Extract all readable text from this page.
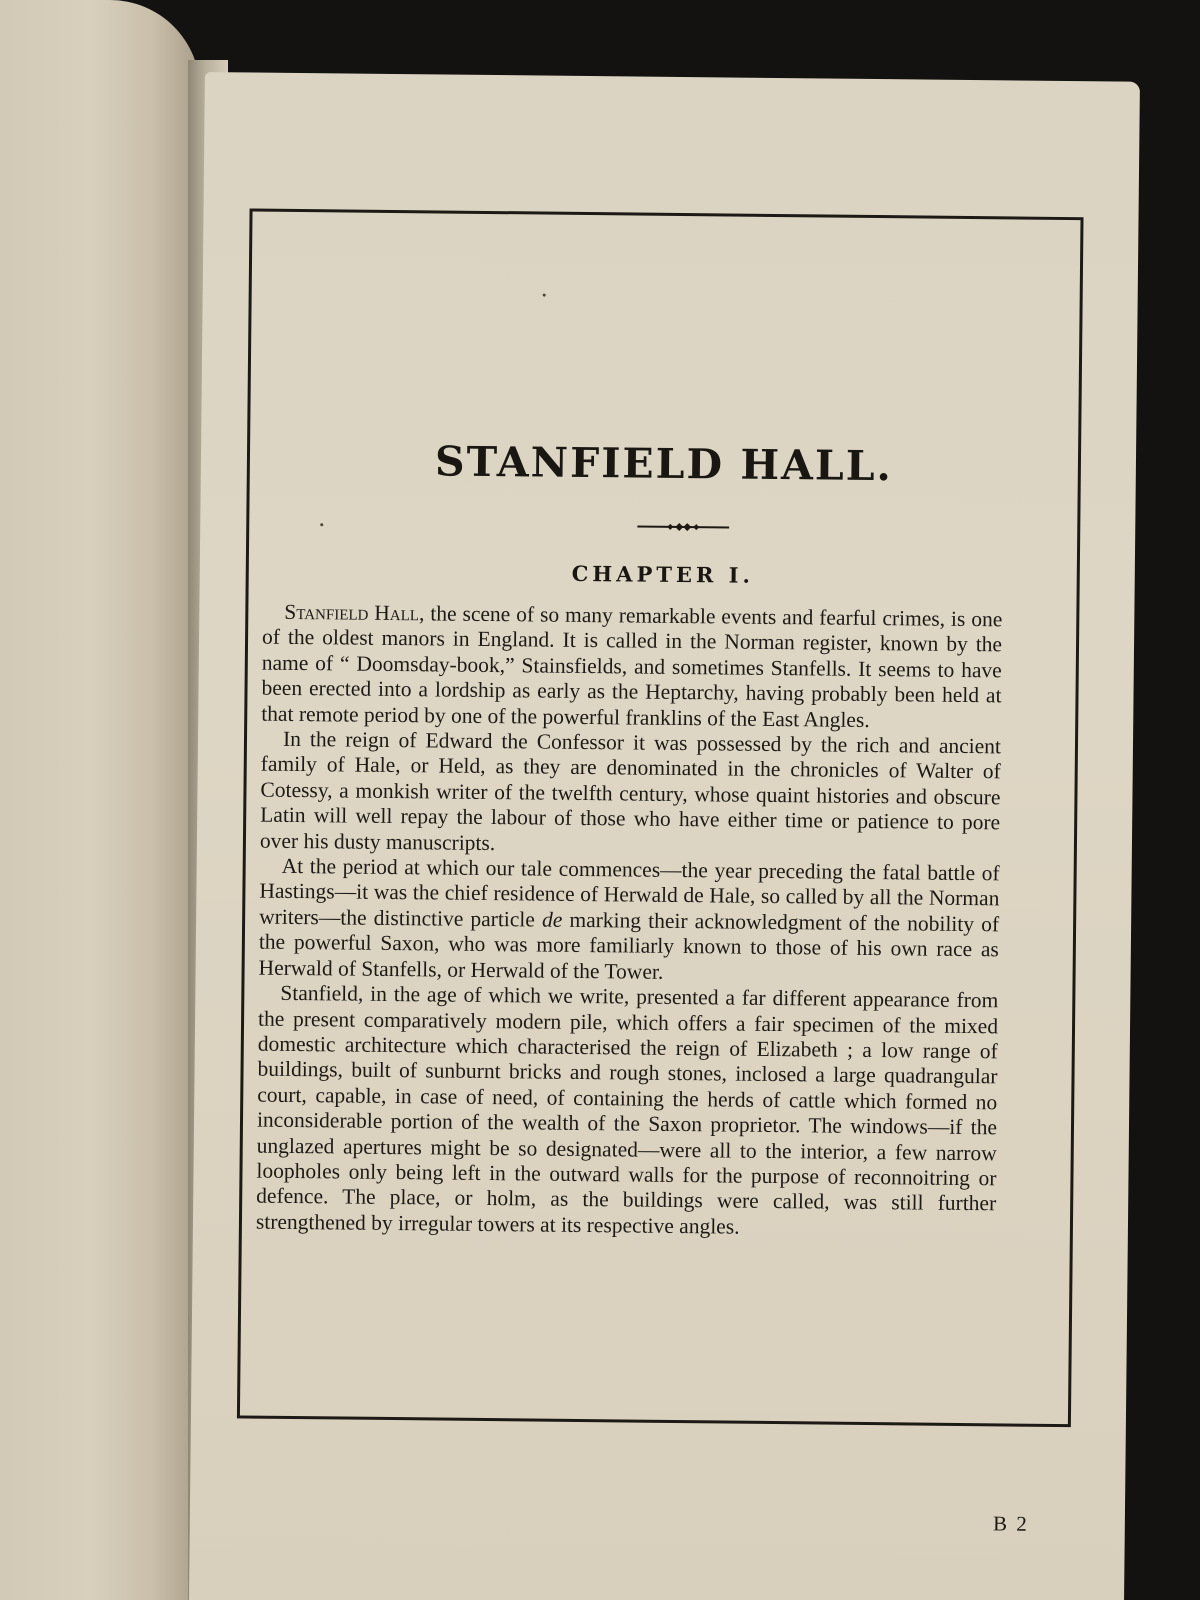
STANFIELD HALL.
CHAPTER I.

Stanfield Hall, the scene of so many remarkable events and fearful crimes, is one of the oldest manors in England. It is called in the Norman register, known by the name of “ Doomsday-book,” Stainsfields, and sometimes Stanfells. It seems to have been erected into a lordship as early as the Heptarchy, having probably been held at that remote period by one of the powerful franklins of the East Angles.

In the reign of Edward the Confessor it was possessed by the rich and ancient family of Hale, or Held, as they are denominated in the chronicles of Walter of Cotessy, a monkish writer of the twelfth century, whose quaint histories and obscure Latin will well repay the labour of those who have either time or patience to pore over his dusty manuscripts.

At the period at which our tale commences—the year preceding the fatal battle of Hastings—it was the chief residence of Herwald de Hale, so called by all the Norman writers—the distinctive particle de marking their acknowledgment of the nobility of the powerful Saxon, who was more familiarly known to those of his own race as Herwald of Stanfells, or Herwald of the Tower.

Stanfield, in the age of which we write, presented a far different appearance from the present comparatively modern pile, which offers a fair specimen of the mixed domestic architecture which characterised the reign of Elizabeth ; a low range of buildings, built of sunburnt bricks and rough stones, inclosed a large quadrangular court, capable, in case of need, of containing the herds of cattle which formed no inconsiderable portion of the wealth of the Saxon proprietor. The windows—if the unglazed apertures might be so designated—were all to the interior, a few narrow loopholes only being left in the outward walls for the purpose of reconnoitring or defence. The place, or holm, as the buildings were called, was still further strengthened by irregular towers at its respective angles.

B 2
